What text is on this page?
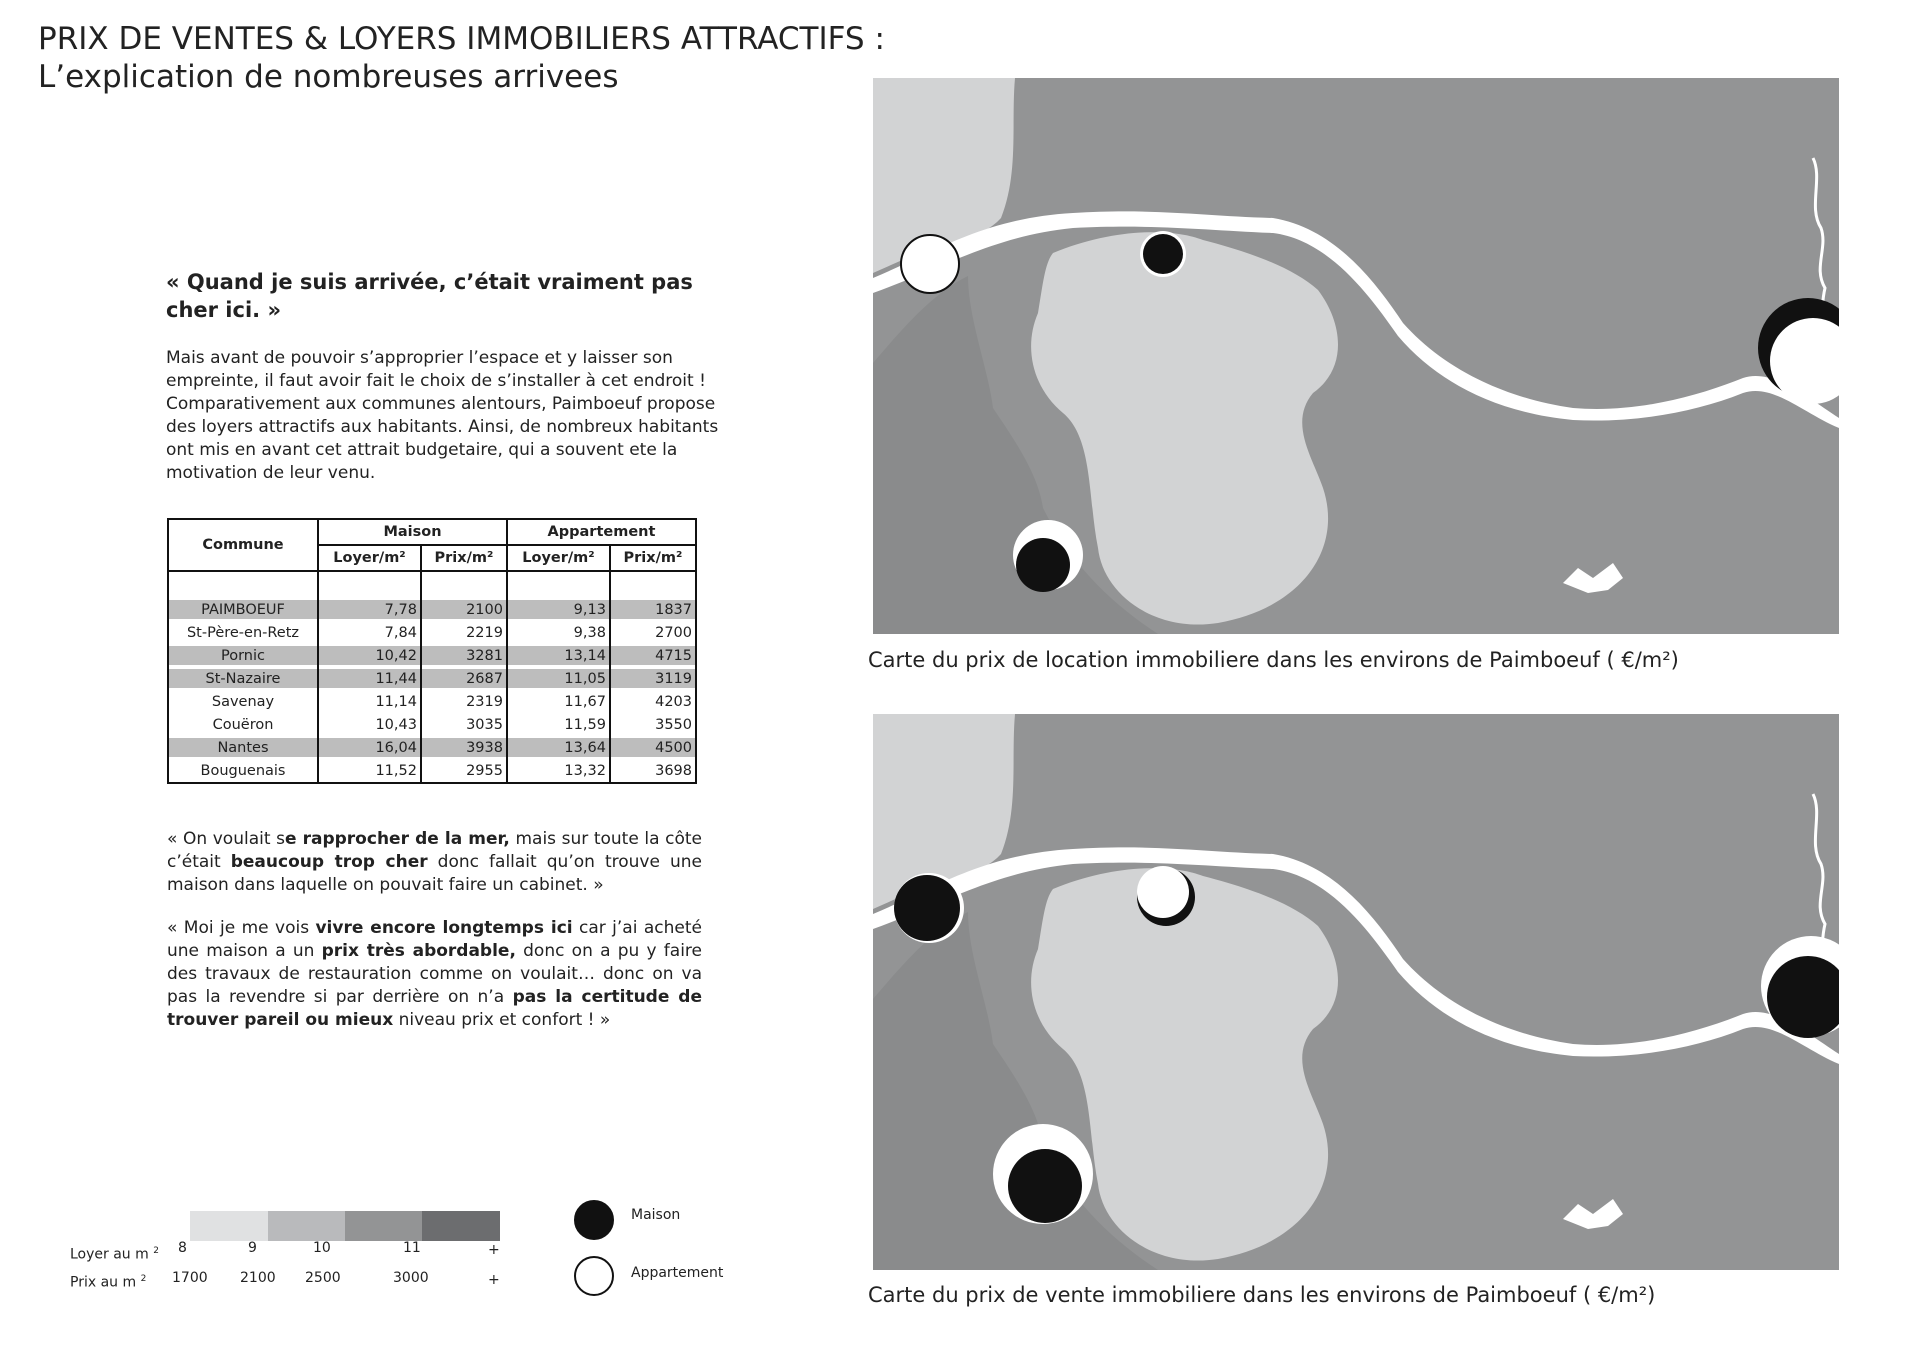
PRIX DE VENTES & LOYERS IMMOBILIERS ATTRACTIFS :
L’explication de nombreuses arrivees
« Quand je suis arrivée, c’était vraiment pas cher ici. »
Mais avant de pouvoir s’approprier l’espace et y laisser son empreinte, il faut avoir fait le choix de s’installer à cet endroit ! Comparativement aux communes alentours, Paimboeuf propose des loyers attractifs aux habitants. Ainsi, de nombreux habitants ont mis en avant cet attrait budgetaire, qui a souvent ete la motivation de leur venu.
Commune	Maison		Appartement	
	Loyer/m²	Prix/m²	Loyer/m²	Prix/m²

PAIMBOEUF	7,78	2100	9,13	1837
St-Père-en-Retz	7,84	2219	9,38	2700
Pornic	10,42	3281	13,14	4715
St-Nazaire	11,44	2687	11,05	3119
Savenay	11,14	2319	11,67	4203
Couëron	10,43	3035	11,59	3550
Nantes	16,04	3938	13,64	4500
Bouguenais	11,52	2955	13,32	3698
« On voulait se rapprocher de la mer, mais sur toute la côte c’était beaucoup trop cher donc fallait qu’on trouve une maison dans laquelle on pouvait faire un cabinet. »
« Moi je me vois vivre encore longtemps ici car j’ai acheté une maison a un prix très abordable, donc on a pu y faire des travaux de restauration comme on voulait… donc on va pas la revendre si par derrière on n’a pas la certitude de trouver pareil ou mieux niveau prix et confort ! »
Carte du prix de location immobiliere dans les environs de Paimboeuf ( €/m²)
Carte du prix de vente immobiliere dans les environs de Paimboeuf ( €/m²)
Loyer au m $^2$
Prix au m $^2$
8	9	10	11	+
1700 2100 2500	3000	+
Maison
Appartement
